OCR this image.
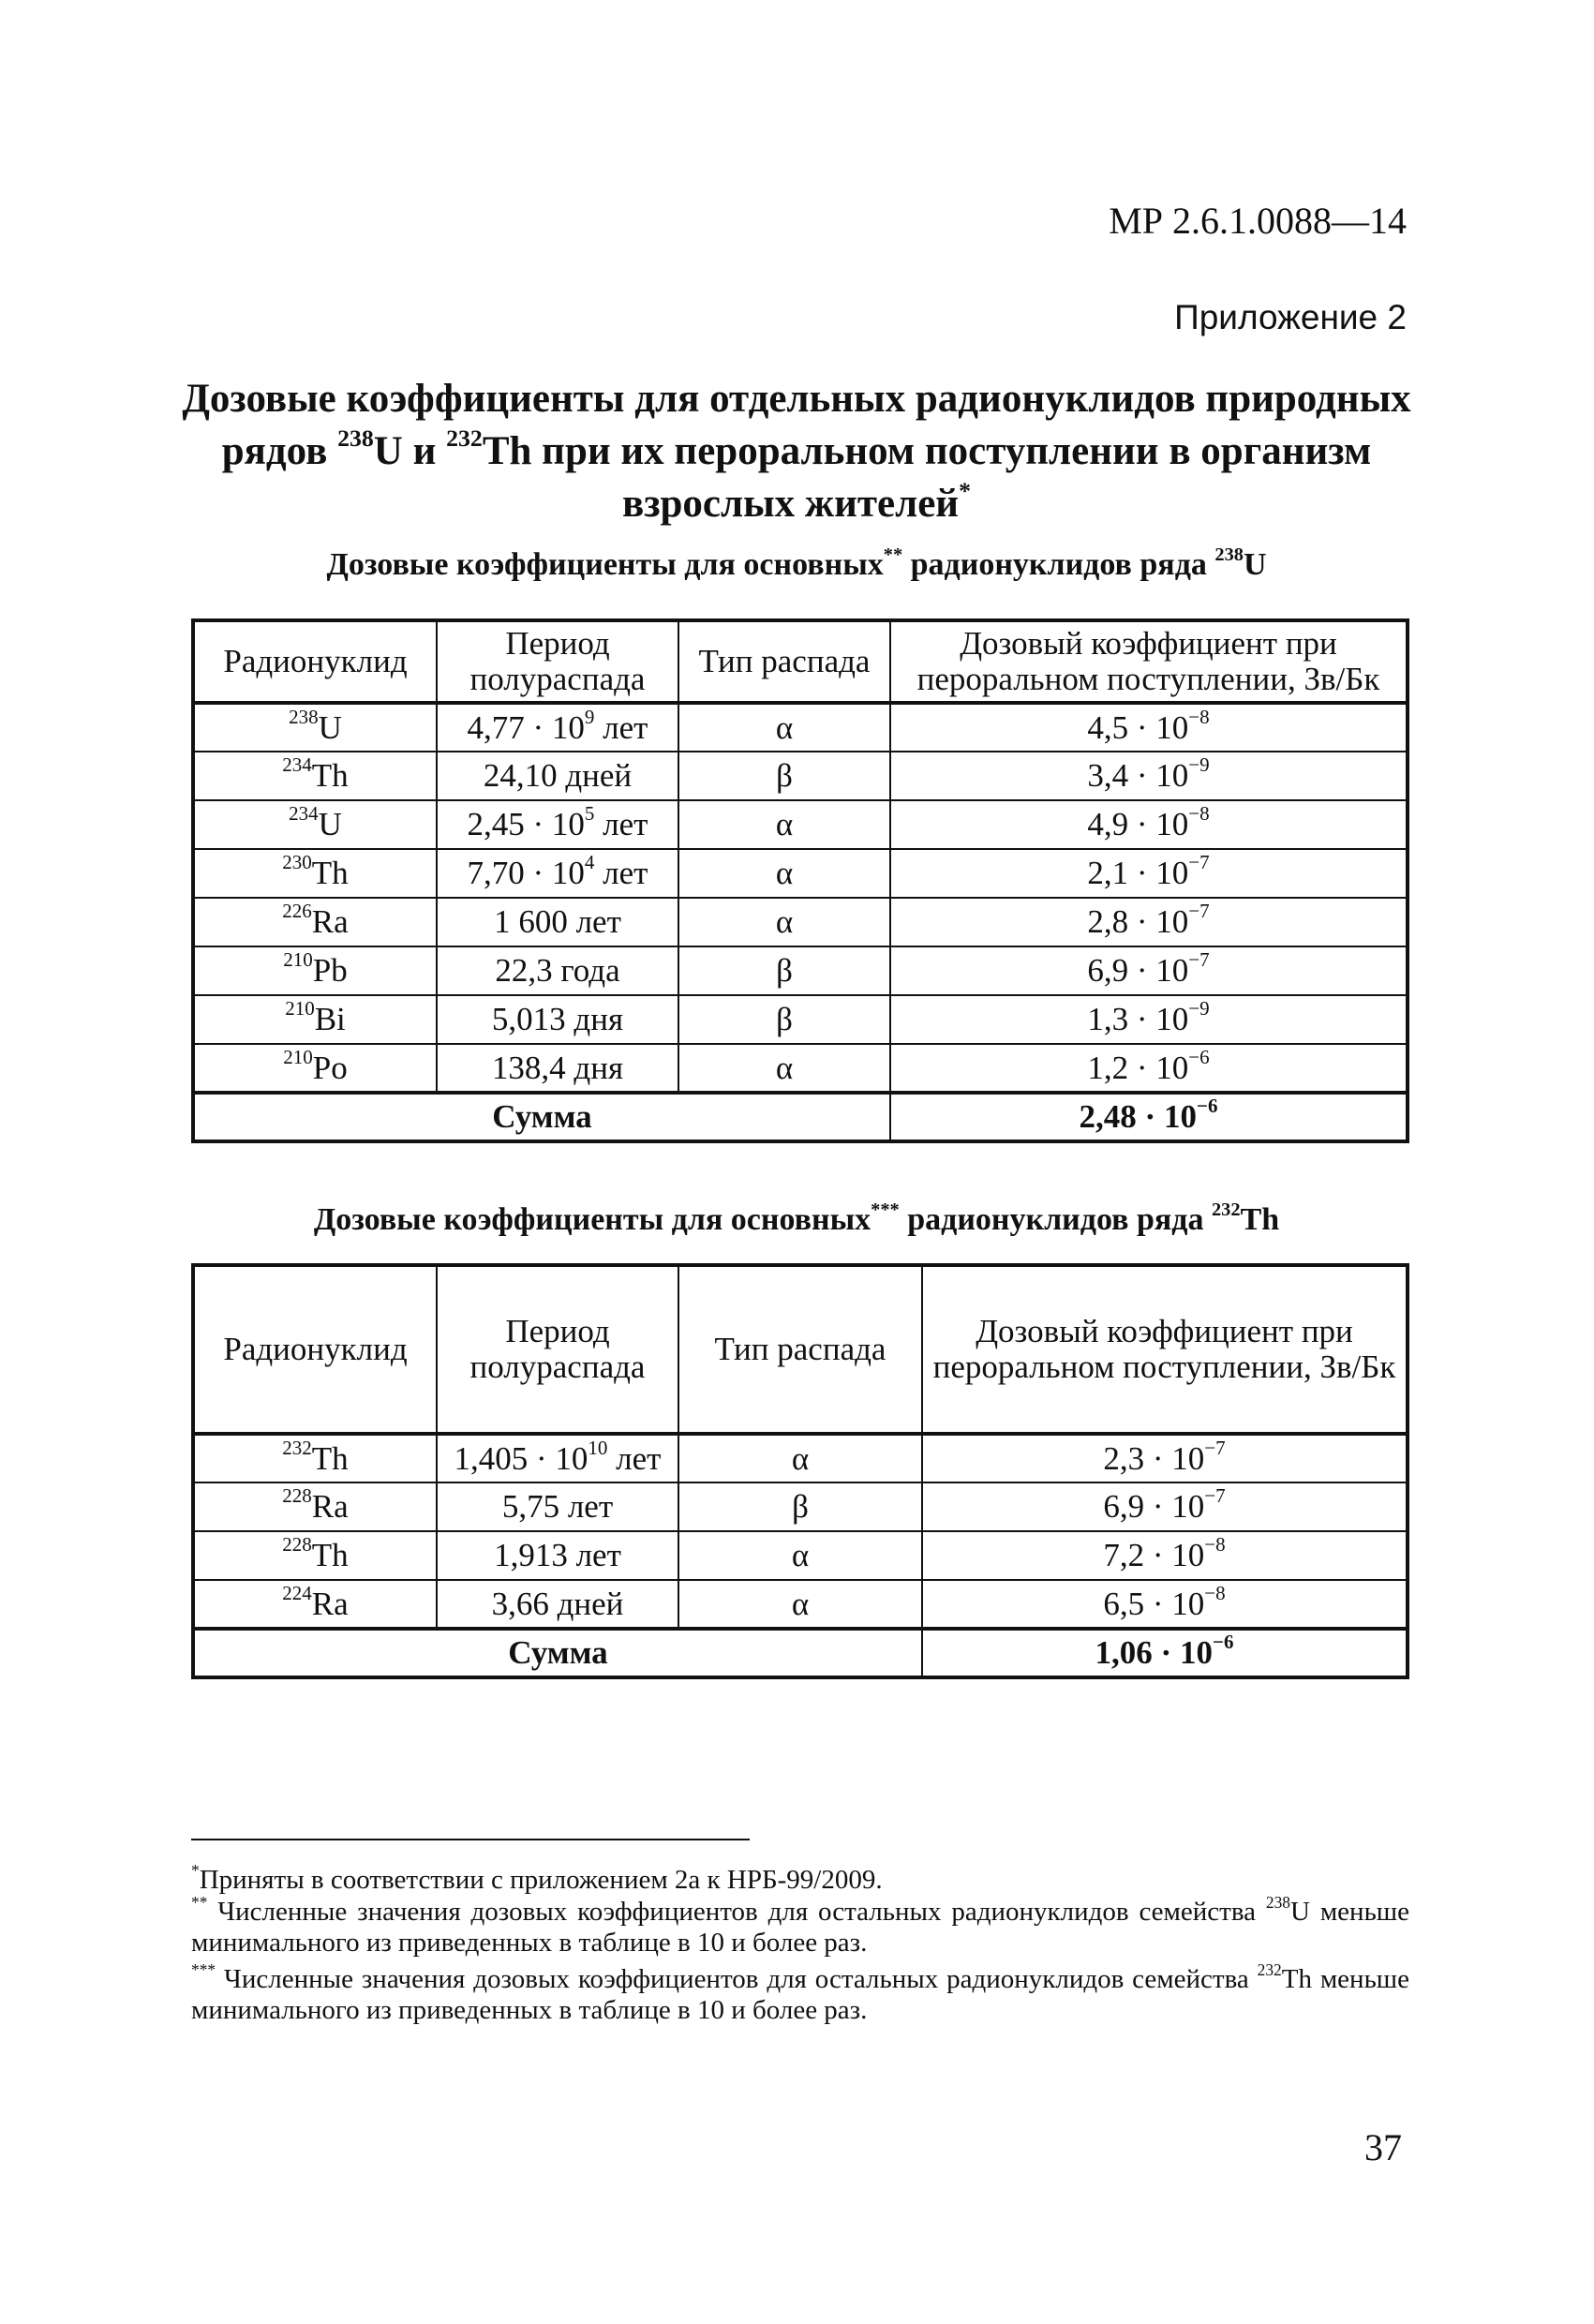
МР 2.6.1.0088—14
Приложение 2
Дозовые коэффициенты для отдельных радионуклидов природных рядов $^{238}$U и $^{232}$Th при их пероральном поступлении в организм взрослых жителей*
Дозовые коэффициенты для основных** радионуклидов ряда $^{238}$U
Радионуклид	Период полураспада	Тип распада	Дозовый коэффициент при пероральном поступлении, Зв/Бк
$^{238}$U	$4,77 \cdot 10^9$ лет	α	$4,5 \cdot 10^{-8}$
$^{234}$Th	24,10 дней	β	$3,4 \cdot 10^{-9}$
$^{234}$U	$2,45 \cdot 10^5$ лет	α	$4,9 \cdot 10^{-8}$
$^{230}$Th	$7,70 \cdot 10^4$ лет	α	$2,1 \cdot 10^{-7}$
$^{226}$Ra	1 600 лет	α	$2,8 \cdot 10^{-7}$
$^{210}$Pb	22,3 года	β	$6,9 \cdot 10^{-7}$
$^{210}$Bi	5,013 дня	β	$1,3 \cdot 10^{-9}$
$^{210}$Po	138,4 дня	α	$1,2 \cdot 10^{-6}$
Сумма			$2,48 \cdot 10^{-6}$
Дозовые коэффициенты для основных*** радионуклидов ряда $^{232}$Th
Радионуклид	Период полураспада	Тип распада	Дозовый коэффициент при пероральном поступлении, Зв/Бк
$^{232}$Th	$1,405 \cdot 10^{10}$ лет	α	$2,3 \cdot 10^{-7}$
$^{228}$Ra	5,75 лет	β	$6,9 \cdot 10^{-7}$
$^{228}$Th	1,913 лет	α	$7,2 \cdot 10^{-8}$
$^{224}$Ra	3,66 дней	α	$6,5 \cdot 10^{-8}$
Сумма			$1,06 \cdot 10^{-6}$
*Приняты в соответствии с приложением 2а к НРБ-99/2009.
** Численные значения дозовых коэффициентов для остальных радионуклидов семейства $^{238}$U меньше минимального из приведенных в таблице в 10 и более раз.
*** Численные значения дозовых коэффициентов для остальных радионуклидов семейства $^{232}$Th меньше минимального из приведенных в таблице в 10 и более раз.
37
